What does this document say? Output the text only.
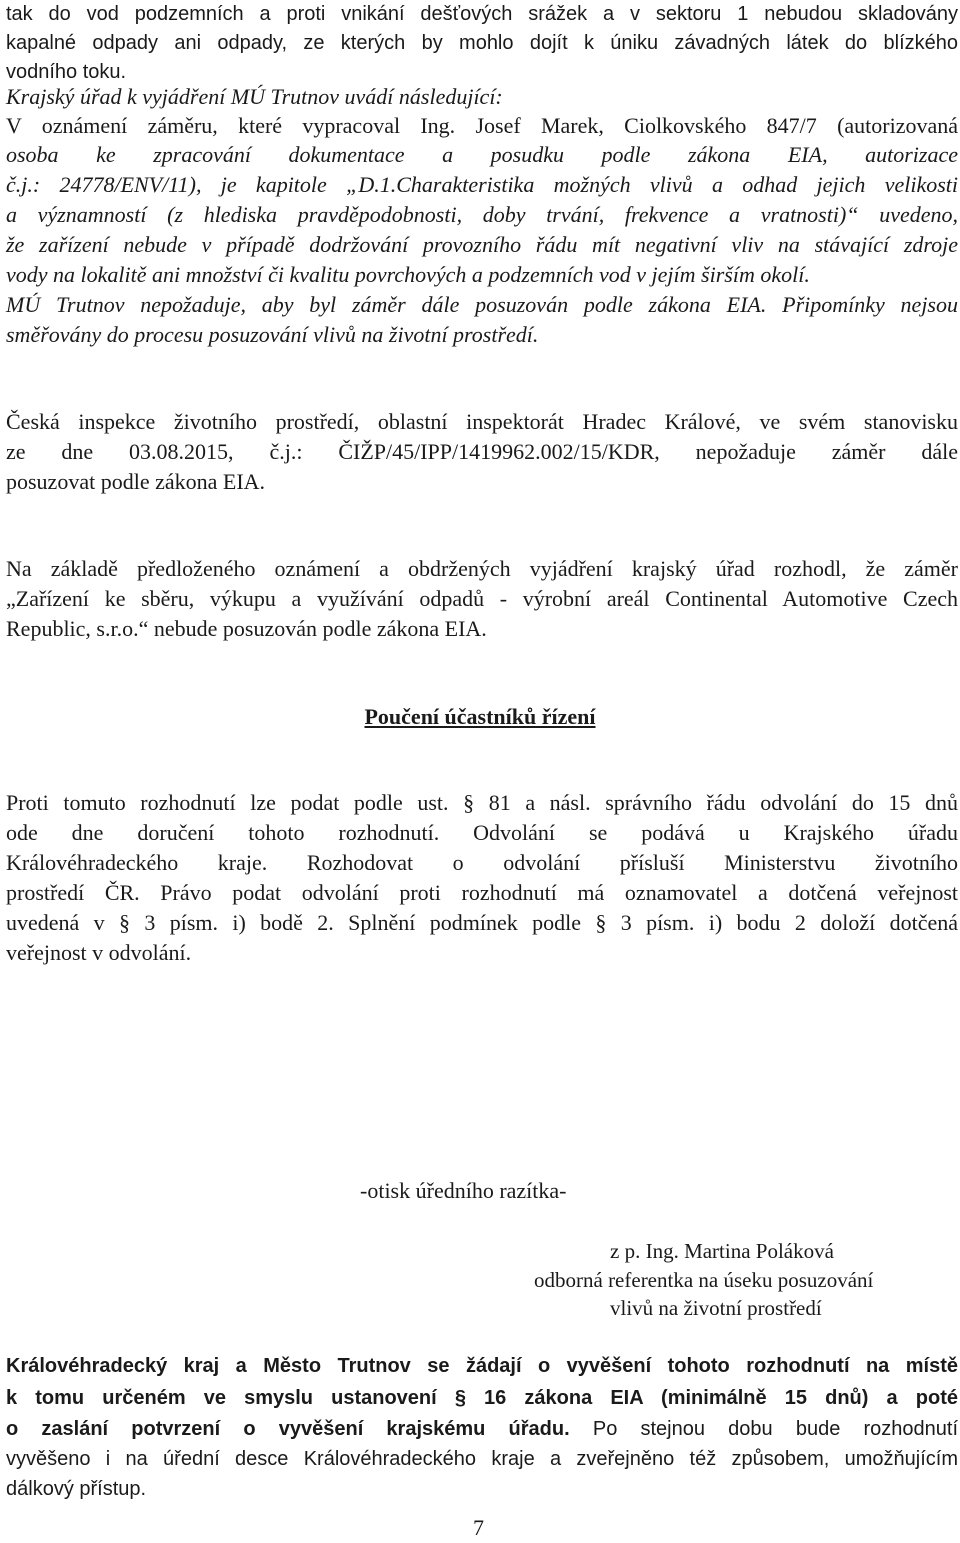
tak do vod podzemních a proti vnikání dešťových srážek a v sektoru 1 nebudou skladovány

kapalné odpady ani odpady, ze kterých by mohlo dojít k úniku závadných látek do blízkého

vodního toku.

Krajský úřad k vyjádření MÚ Trutnov uvádí následující:

V oznámení záměru, které vypracoval Ing. Josef Marek, Ciolkovského 847/7 (autorizovaná

osoba ke zpracování dokumentace a posudku podle zákona EIA, autorizace

č.j.: 24778/ENV/11), je kapitole „D.1.Charakteristika možných vlivů a odhad jejich velikosti

a významností (z hlediska pravděpodobnosti, doby trvání, frekvence a vratnosti)“ uvedeno,

že zařízení nebude v případě dodržování provozního řádu mít negativní vliv na stávající zdroje

vody na lokalitě ani množství či kvalitu povrchových a podzemních vod v jejím širším okolí.

MÚ Trutnov nepožaduje, aby byl záměr dále posuzován podle zákona EIA. Připomínky nejsou

směřovány do procesu posuzování vlivů na životní prostředí.

Česká inspekce životního prostředí, oblastní inspektorát Hradec Králové, ve svém stanovisku

ze dne 03.08.2015, č.j.: ČIŽP/45/IPP/1419962.002/15/KDR, nepožaduje záměr dále

posuzovat podle zákona EIA.

Na základě předloženého oznámení a obdržených vyjádření krajský úřad rozhodl, že záměr

„Zařízení ke sběru, výkupu a využívání odpadů - výrobní areál Continental Automotive Czech

Republic, s.r.o.“ nebude posuzován podle zákona EIA.

Poučení účastníků řízení

Proti tomuto rozhodnutí lze podat podle ust. § 81 a násl. správního řádu odvolání do 15 dnů

ode dne doručení tohoto rozhodnutí. Odvolání se podává u Krajského úřadu

Královéhradeckého kraje. Rozhodovat o odvolání přísluší Ministerstvu životního

prostředí ČR. Právo podat odvolání proti rozhodnutí má oznamovatel a dotčená veřejnost

uvedená v § 3 písm. i) bodě 2. Splnění podmínek podle § 3 písm. i) bodu 2 doloží dotčená

veřejnost v odvolání.

-otisk úředního razítka-

z p. Ing. Martina Poláková
odborná referentka na úseku posuzování
vlivů na životní prostředí

Královéhradecký kraj a Město Trutnov se žádají o vyvěšení tohoto rozhodnutí na místě

k tomu určeném ve smyslu ustanovení § 16 zákona EIA (minimálně 15 dnů) a poté

o zaslání potvrzení o vyvěšení krajskému úřadu. Po stejnou dobu bude rozhodnutí

vyvěšeno i na úřední desce Královéhradeckého kraje a zveřejněno též způsobem, umožňujícím

dálkový přístup.

7
